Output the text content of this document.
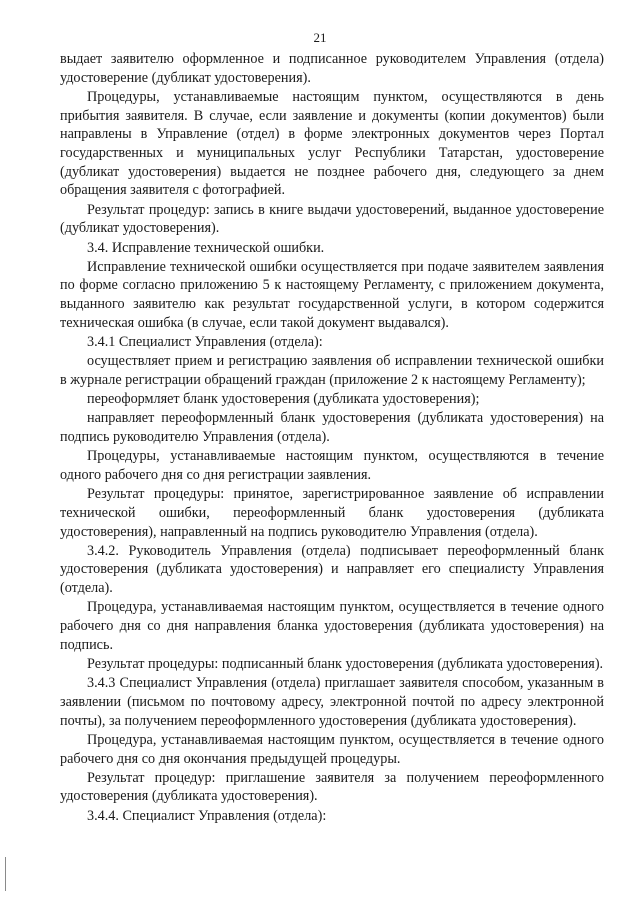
21

выдает заявителю оформленное и подписанное руководителем Управления (отдела) удостоверение (дубликат удостоверения).

Процедуры, устанавливаемые настоящим пунктом, осуществляются в день прибытия заявителя. В случае, если заявление и документы (копии документов) были направлены в Управление (отдел) в форме электронных документов через Портал государственных и муниципальных услуг Республики Татарстан, удостоверение (дубликат удостоверения) выдается не позднее рабочего дня, следующего за днем обращения заявителя с фотографией.

Результат процедур: запись в книге выдачи удостоверений, выданное удостоверение (дубликат удостоверения).

3.4. Исправление технической ошибки.

Исправление технической ошибки осуществляется при подаче заявителем заявления по форме согласно приложению 5 к настоящему Регламенту, с приложением документа, выданного заявителю как результат государственной услуги, в котором содержится техническая ошибка (в случае, если такой документ выдавался).

3.4.1 Специалист Управления (отдела):

осуществляет прием и регистрацию заявления об исправлении технической ошибки в журнале регистрации обращений граждан (приложение 2 к настоящему Регламенту);

переоформляет бланк удостоверения (дубликата удостоверения);

направляет переоформленный бланк удостоверения (дубликата удостоверения) на подпись руководителю Управления (отдела).

Процедуры, устанавливаемые настоящим пунктом, осуществляются в течение одного рабочего дня со дня регистрации заявления.

Результат процедуры: принятое, зарегистрированное заявление об исправлении технической ошибки, переоформленный бланк удостоверения (дубликата удостоверения), направленный на подпись руководителю Управления (отдела).

3.4.2. Руководитель Управления (отдела) подписывает переоформленный бланк удостоверения (дубликата удостоверения) и направляет его специалисту Управления (отдела).

Процедура, устанавливаемая настоящим пунктом, осуществляется в течение одного рабочего дня со дня направления бланка удостоверения (дубликата удостоверения) на подпись.

Результат процедуры: подписанный бланк удостоверения (дубликата удостоверения).

3.4.3 Специалист Управления (отдела) приглашает заявителя способом, указанным в заявлении (письмом по почтовому адресу, электронной почтой по адресу электронной почты), за получением переоформленного удостоверения (дубликата удостоверения).

Процедура, устанавливаемая настоящим пунктом, осуществляется в течение одного рабочего дня со дня окончания предыдущей процедуры.

Результат процедур: приглашение заявителя за получением переоформленного удостоверения (дубликата удостоверения).

3.4.4. Специалист Управления (отдела):
